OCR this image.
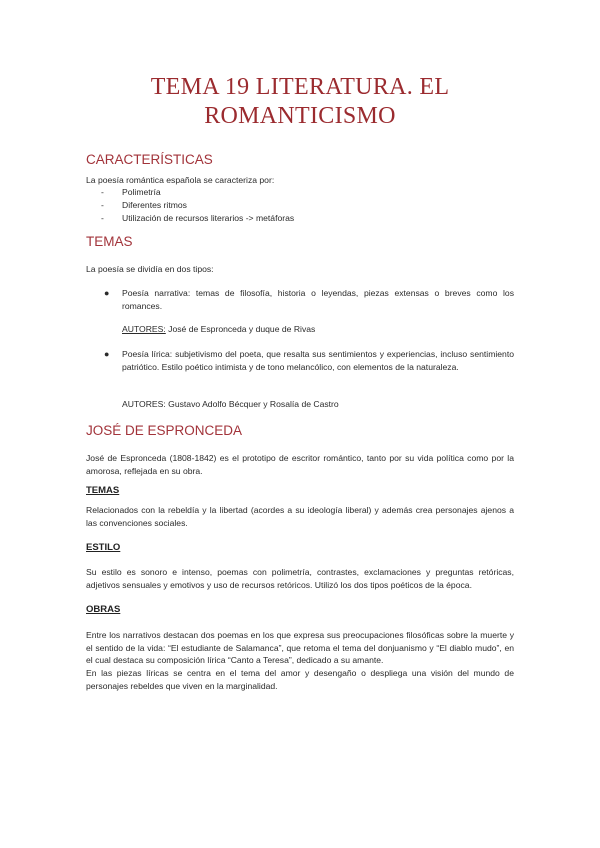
TEMA 19 LITERATURA. EL
ROMANTICISMO
CARACTERÍSTICAS
La poesía romántica española se caracteriza por:
- Polimetría
- Diferentes ritmos
- Utilización de recursos literarios -> metáforas
TEMAS
La poesía se dividía en dos tipos:
● Poesía narrativa: temas de filosofía, historia o leyendas, piezas extensas o breves como los romances.
AUTORES: José de Espronceda y duque de Rivas
● Poesía lírica: subjetivismo del poeta, que resalta sus sentimientos y experiencias, incluso sentimiento patriótico. Estilo poético intimista y de tono melancólico, con elementos de la naturaleza.
AUTORES: Gustavo Adolfo Bécquer y Rosalía de Castro
JOSÉ DE ESPRONCEDA
José de Espronceda (1808-1842) es el prototipo de escritor romántico, tanto por su vida política como por la amorosa, reflejada en su obra.
TEMAS
Relacionados con la rebeldía y la libertad (acordes a su ideología liberal) y además crea personajes ajenos a las convenciones sociales.
ESTILO
Su estilo es sonoro e intenso, poemas con polimetría, contrastes, exclamaciones y preguntas retóricas, adjetivos sensuales y emotivos y uso de recursos retóricos. Utilizó los dos tipos poéticos de la época.
OBRAS
Entre los narrativos destacan dos poemas en los que expresa sus preocupaciones filosóficas sobre la muerte y el sentido de la vida: “El estudiante de Salamanca”, que retoma el tema del donjuanismo y “El diablo mudo”, en el cual destaca su composición lírica “Canto a Teresa”, dedicado a su amante.
En las piezas líricas se centra en el tema del amor y desengaño o despliega una visión del mundo de personajes rebeldes que viven en la marginalidad.
